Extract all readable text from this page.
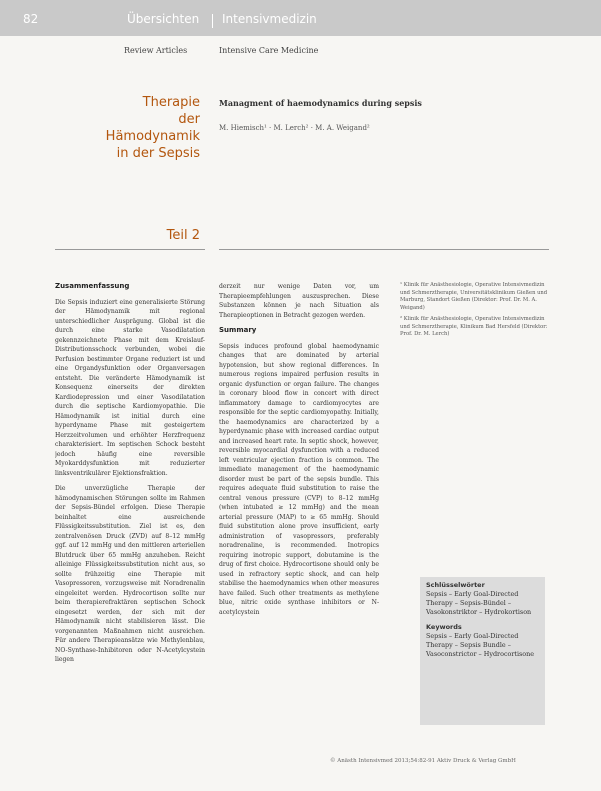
82	Übersichten Intensivmedizin
Review Articles	Intensive Care Medicine
Therapie
der Hämodynamik
in der Sepsis
Managment of haemodynamics during sepsis
M. Hiemisch¹ · M. Lerch² · M. A. Weigand²
Teil 2
Zusammenfassung

Die Sepsis induziert eine generalisierte Störung der Hämodynamik mit regional unterschiedlicher Ausprägung. Global ist die durch eine starke Vasodilatation gekennzeichnete Phase mit dem Kreislauf-Distributionsschock verbunden, wobei die Perfusion bestimmter Organe reduziert ist und eine Organdysfunktion oder Organversagen entsteht. Die veränderte Hämodynamik ist Konsequenz einerseits der direkten Kardiodepression und einer Vasodilatation durch die septische Kardiomyopathie. Die Hämodynamik ist initial durch eine hyperdyname Phase mit gesteigertem Herzzeitvolumen und erhöhter Herzfrequenz charakterisiert. Im septischen Schock besteht jedoch häufig eine reversible Myokarddysfunktion mit reduzierter linksventrikulärer Ejektionsfraktion.

Die unverzügliche Therapie der hämodynamischen Störungen sollte im Rahmen der Sepsis-Bündel erfolgen. Diese Therapie beinhaltet eine ausreichende Flüssigkeitssubstitution. Ziel ist es, den zentralvenösen Druck (ZVD) auf 8–12 mmHg ggf. auf 12 mmHg und den mittleren arteriellen Blutdruck über 65 mmHg anzuheben. Reicht alleinige Flüssigkeitssubstitution nicht aus, so sollte frühzeitig eine Therapie mit Vasopressoren, vorzugsweise mit Noradrenalin eingeleitet werden. Hydrocortison sollte nur beim therapierefraktären septischen Schock eingesetzt werden, der sich mit der Hämodynamik nicht stabilisieren lässt. Die vorgenannten Maßnahmen nicht ausreichen. Für andere Therapieansätze wie Methylenblau, NO-Synthase-Inhibitoren oder N-Acetylcystein liegen

derzeit nur wenige Daten vor, um Therapieempfehlungen auszusprechen. Diese Substanzen können je nach Situation als Therapieoptionen in Betracht gezogen werden.

Summary

Sepsis induces profound global haemodynamic changes that are dominated by arterial hypotension, but show regional differences. In numerous regions impaired perfusion results in organic dysfunction or organ failure. The changes in coronary blood flow in concert with direct inflammatory damage to cardiomyocytes are responsible for the septic cardiomyopathy. Initially, the haemodynamics are characterized by a hyperdynamic phase with increased cardiac output and increased heart rate. In septic shock, however, reversible myocardial dysfunction with a reduced left ventricular ejection fraction is common. The immediate management of the haemodynamic disorder must be part of the sepsis bundle. This requires adequate fluid substitution to raise the central venous pressure (CVP) to 8–12 mmHg (when intubated ≥ 12 mmHg) and the mean arterial pressure (MAP) to ≥ 65 mmHg. Should fluid substitution alone prove insufficient, early administration of vasopressors, preferably noradrenaline, is recommended. Inotropics requiring inotropic support, dobutamine is the drug of first choice. Hydrocortisone should only be used in refractory septic shock, and can help stabilise the haemodynamics when other measures have failed. Such other treatments as methylene blue, nitric oxide synthase inhibitors or N-acetylcystein

¹ Klinik für Anästhesiologie, Operative Intensivmedizin und Schmerztherapie, Universitätsklinikum Gießen und Marburg, Standort Gießen (Direktor: Prof. Dr. M. A. Weigand)

² Klinik für Anästhesiologie, Operative Intensivmedizin und Schmerztherapie, Klinikum Bad Hersfeld (Direktor: Prof. Dr. M. Lerch)

Schlüsselwörter
Sepsis – Early Goal-Directed Therapy – Sepsis-Bündel – Vasokonstriktor – Hydrokortison
Keywords
Sepsis – Early Goal-Directed Therapy – Sepsis Bundle – Vasoconstrictor – Hydrocortisone
© Anästh Intensivmed 2013;54:82-91 Aktiv Druck & Verlag GmbH
